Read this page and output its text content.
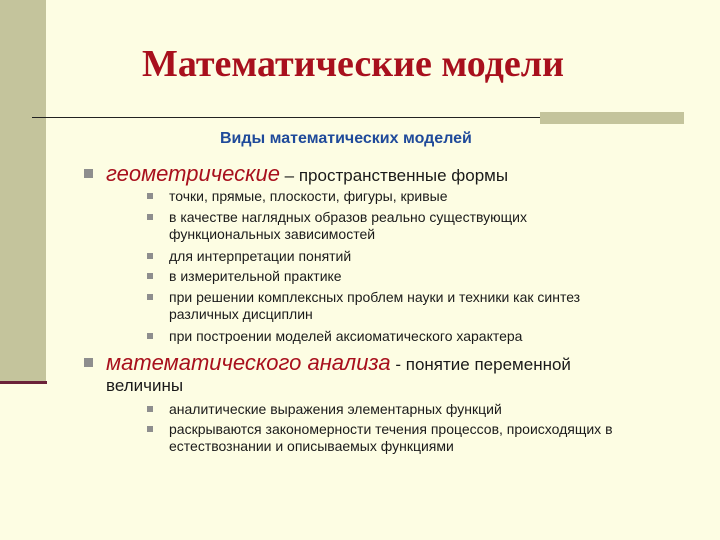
Математические модели
Виды математических моделей
геометрические – пространственные формы
точки, прямые, плоскости, фигуры, кривые
в качестве наглядных образов реально существующих функциональных зависимостей
для интерпретации понятий
в измерительной практике
при решении комплексных проблем науки и техники как синтез различных дисциплин
при построении моделей аксиоматического характера
математического анализа - понятие переменной величины
аналитические выражения элементарных функций
раскрываются закономерности течения процессов, происходящих в естествознании и описываемых функциями
